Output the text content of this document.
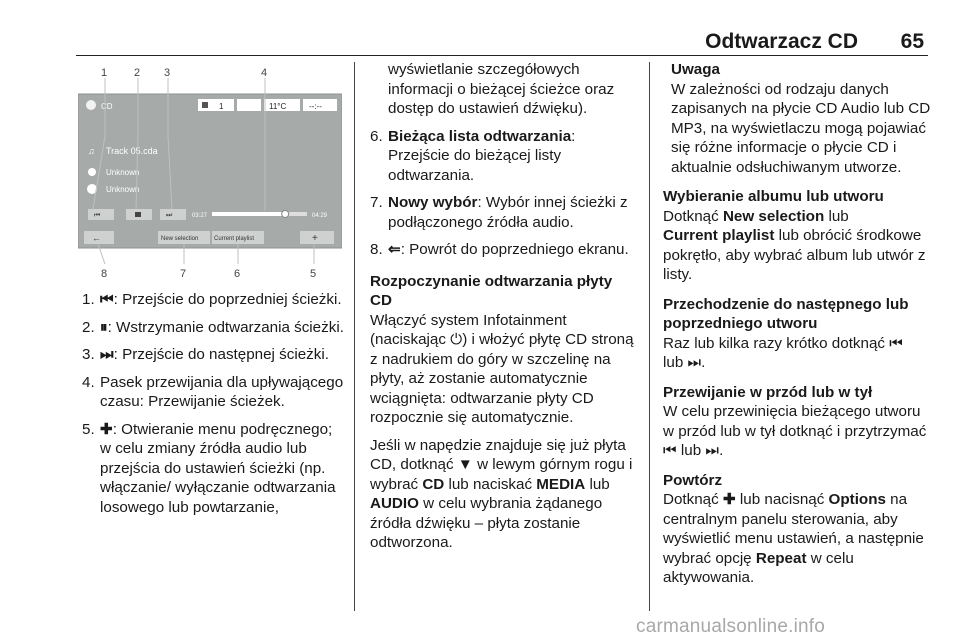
Odtwarzacz CD 65
CD	1	11°C	--:--
♫ Track 05.cda
Unknown
Unknown
⏮	⏭	03:27	04:29
←	New selection	Current playlist	+
1 2 3	4
8	7	6	5
1. ⏮: Przejście do poprzedniej ścieżki.
2. ⏸: Wstrzymanie odtwarzania ścieżki.
3. ⏭: Przejście do następnej ścieżki.
4. Pasek przewijania dla upływającego czasu: Przewijanie ścieżek.
5. ✚: Otwieranie menu podręcznego; w celu zmiany źródła audio lub przejścia do ustawień ścieżki (np. włączanie/ wyłączanie odtwarzania losowego lub powtarzanie,

wyświetlanie szczegółowych informacji o bieżącej ścieżce oraz dostęp do ustawień dźwięku).

6. Bieżąca lista odtwarzania: Przejście do bieżącej listy odtwarzania.
7. Nowy wybór: Wybór innej ścieżki z podłączonego źródła audio.
8. ⇐: Powrót do poprzedniego ekranu.
Rozpoczynanie odtwarzania płyty CD

Włączyć system Infotainment (naciskając ⏻) i włożyć płytę CD stroną z nadrukiem do góry w szczelinę na płyty, aż zostanie automatycznie wciągnięta: odtwarzanie płyty CD rozpocznie się automatycznie.

Jeśli w napędzie znajduje się już płyta CD, dotknąć ▼ w lewym górnym rogu i wybrać CD lub naciskać MEDIA lub AUDIO w celu wybrania żądanego źródła dźwięku – płyta zostanie odtworzona.

Uwaga
W zależności od rodzaju danych zapisanych na płycie CD Audio lub CD MP3, na wyświetlaczu mogą pojawiać się różne informacje o płycie CD i aktualnie odsłuchiwanym utworze.
Wybieranie albumu lub utworu
Dotknąć New selection lub
Current playlist lub obrócić środkowe pokrętło, aby wybrać album lub utwór z listy.
Przechodzenie do następnego lub poprzedniego utworu
Raz lub kilka razy krótko dotknąć ⏮
lub ⏭.
Przewijanie w przód lub w tył
W celu przewinięcia bieżącego utworu w przód lub w tył dotknąć i przytrzymać ⏮ lub ⏭.
Powtórz
Dotknąć ✚ lub nacisnąć Options na centralnym panelu sterowania, aby wyświetlić menu ustawień, a następnie wybrać opcję Repeat w celu aktywowania.
carmanualsonline.info
